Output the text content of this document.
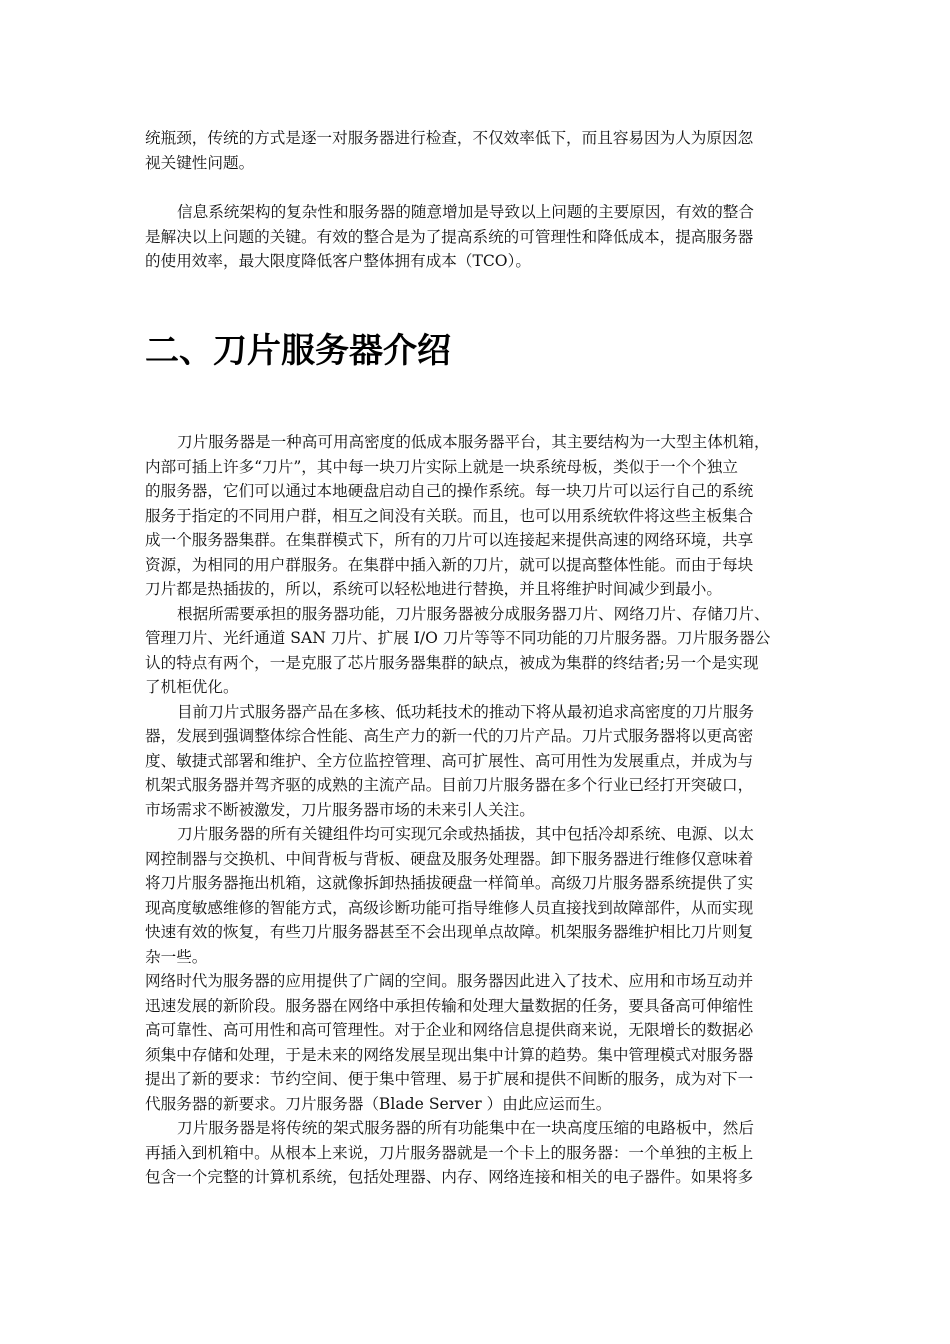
统瓶颈，传统的方式是逐一对服务器进行检查，不仅效率低下，而且容易因为人为原因忽
视关键性问题。

信息系统架构的复杂性和服务器的随意增加是导致以上问题的主要原因，有效的整合
是解决以上问题的关键。有效的整合是为了提高系统的可管理性和降低成本，提高服务器
的使用效率，最大限度降低客户整体拥有成本（TCO）。

二、刀片服务器介绍

刀片服务器是一种高可用高密度的低成本服务器平台，其主要结构为一大型主体机箱，
内部可插上许多“刀片”，其中每一块刀片实际上就是一块系统母板，类似于一个个独立
的服务器，它们可以通过本地硬盘启动自己的操作系统。每一块刀片可以运行自己的系统
服务于指定的不同用户群，相互之间没有关联。而且，也可以用系统软件将这些主板集合
成一个服务器集群。在集群模式下，所有的刀片可以连接起来提供高速的网络环境，共享
资源，为相同的用户群服务。在集群中插入新的刀片，就可以提高整体性能。而由于每块
刀片都是热插拔的，所以，系统可以轻松地进行替换，并且将维护时间减少到最小。

根据所需要承担的服务器功能，刀片服务器被分成服务器刀片、网络刀片、存储刀片、
管理刀片、光纤通道 SAN 刀片、扩展 I/O 刀片等等不同功能的刀片服务器。刀片服务器公
认的特点有两个，一是克服了芯片服务器集群的缺点，被成为集群的终结者;另一个是实现
了机柜优化。

目前刀片式服务器产品在多核、低功耗技术的推动下将从最初追求高密度的刀片服务
器，发展到强调整体综合性能、高生产力的新一代的刀片产品。刀片式服务器将以更高密
度、敏捷式部署和维护、全方位监控管理、高可扩展性、高可用性为发展重点，并成为与
机架式服务器并驾齐驱的成熟的主流产品。目前刀片服务器在多个行业已经打开突破口，
市场需求不断被激发，刀片服务器市场的未来引人关注。

刀片服务器的所有关键组件均可实现冗余或热插拔，其中包括冷却系统、电源、以太
网控制器与交换机、中间背板与背板、硬盘及服务处理器。卸下服务器进行维修仅意味着
将刀片服务器拖出机箱，这就像拆卸热插拔硬盘一样简单。高级刀片服务器系统提供了实
现高度敏感维修的智能方式，高级诊断功能可指导维修人员直接找到故障部件，从而实现
快速有效的恢复，有些刀片服务器甚至不会出现单点故障。机架服务器维护相比刀片则复
杂一些。

网络时代为服务器的应用提供了广阔的空间。服务器因此进入了技术、应用和市场互动并
迅速发展的新阶段。服务器在网络中承担传输和处理大量数据的任务，要具备高可伸缩性
高可靠性、高可用性和高可管理性。对于企业和网络信息提供商来说，无限增长的数据必
须集中存储和处理，于是未来的网络发展呈现出集中计算的趋势。集中管理模式对服务器
提出了新的要求：节约空间、便于集中管理、易于扩展和提供不间断的服务，成为对下一
代服务器的新要求。刀片服务器（Blade Server ）由此应运而生。

刀片服务器是将传统的架式服务器的所有功能集中在一块高度压缩的电路板中，然后
再插入到机箱中。从根本上来说，刀片服务器就是一个卡上的服务器：一个单独的主板上
包含一个完整的计算机系统，包括处理器、内存、网络连接和相关的电子器件。如果将多
